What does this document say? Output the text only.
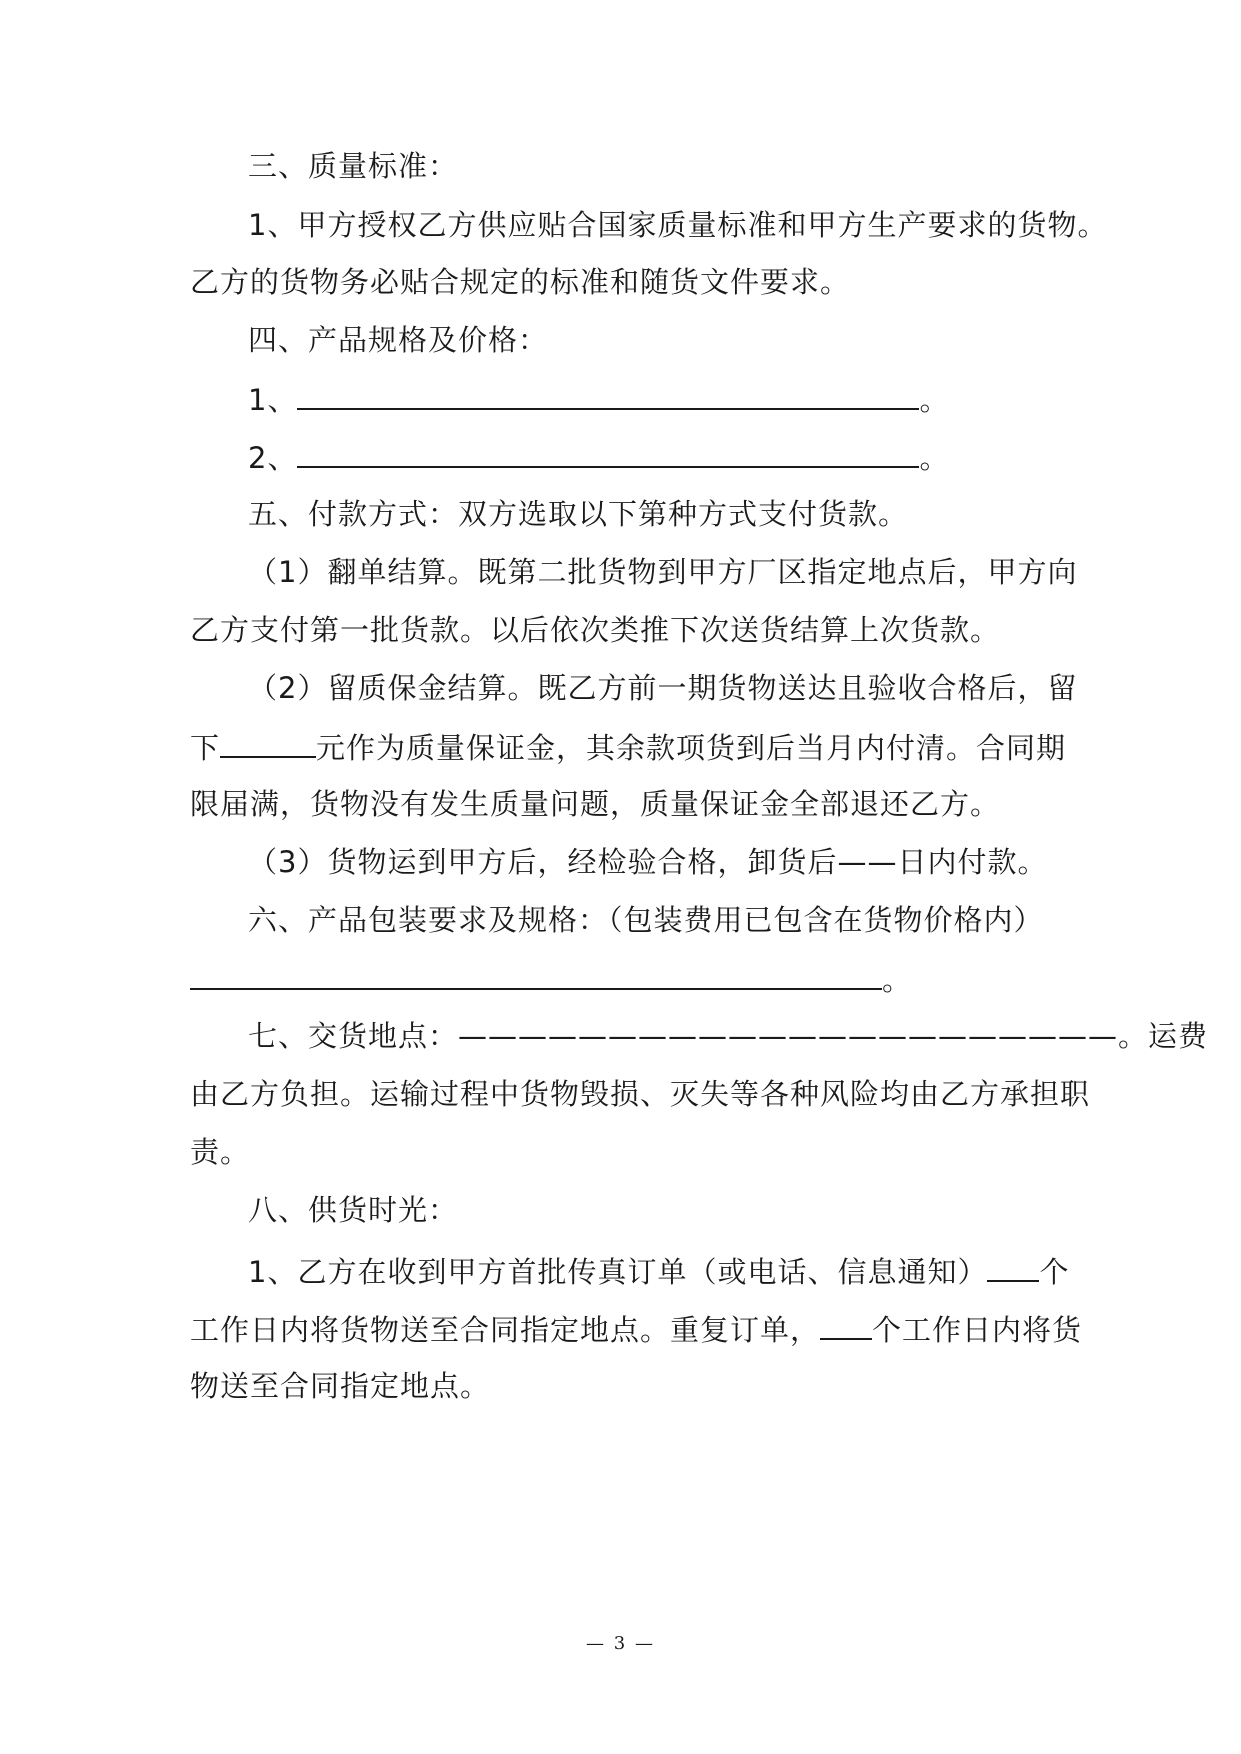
三、质量标准：
1、甲方授权乙方供应贴合国家质量标准和甲方生产要求的货物。
乙方的货物务必贴合规定的标准和随货文件要求。
四、产品规格及价格：
1、	。
2、	。
五、付款方式：双方选取以下第种方式支付货款。
（1）翻单结算。既第二批货物到甲方厂区指定地点后，甲方向
乙方支付第一批货款。以后依次类推下次送货结算上次货款。
（2）留质保金结算。既乙方前一期货物送达且验收合格后，留
下	元作为质量保证金，其余款项货到后当月内付清。合同期
限届满，货物没有发生质量问题，质量保证金全部退还乙方。
（3）货物运到甲方后，经检验合格，卸货后——日内付款。
六、产品包装要求及规格：（包装费用已包含在货物价格内）
。
七、交货地点：——————————————————————。运费
由乙方负担。运输过程中货物毁损、灭失等各种风险均由乙方承担职
责。
八、供货时光：
1、乙方在收到甲方首批传真订单（或电话、信息通知） 个
工作日内将货物送至合同指定地点。重复订单， 个工作日内将货
物送至合同指定地点。
— 3 —
